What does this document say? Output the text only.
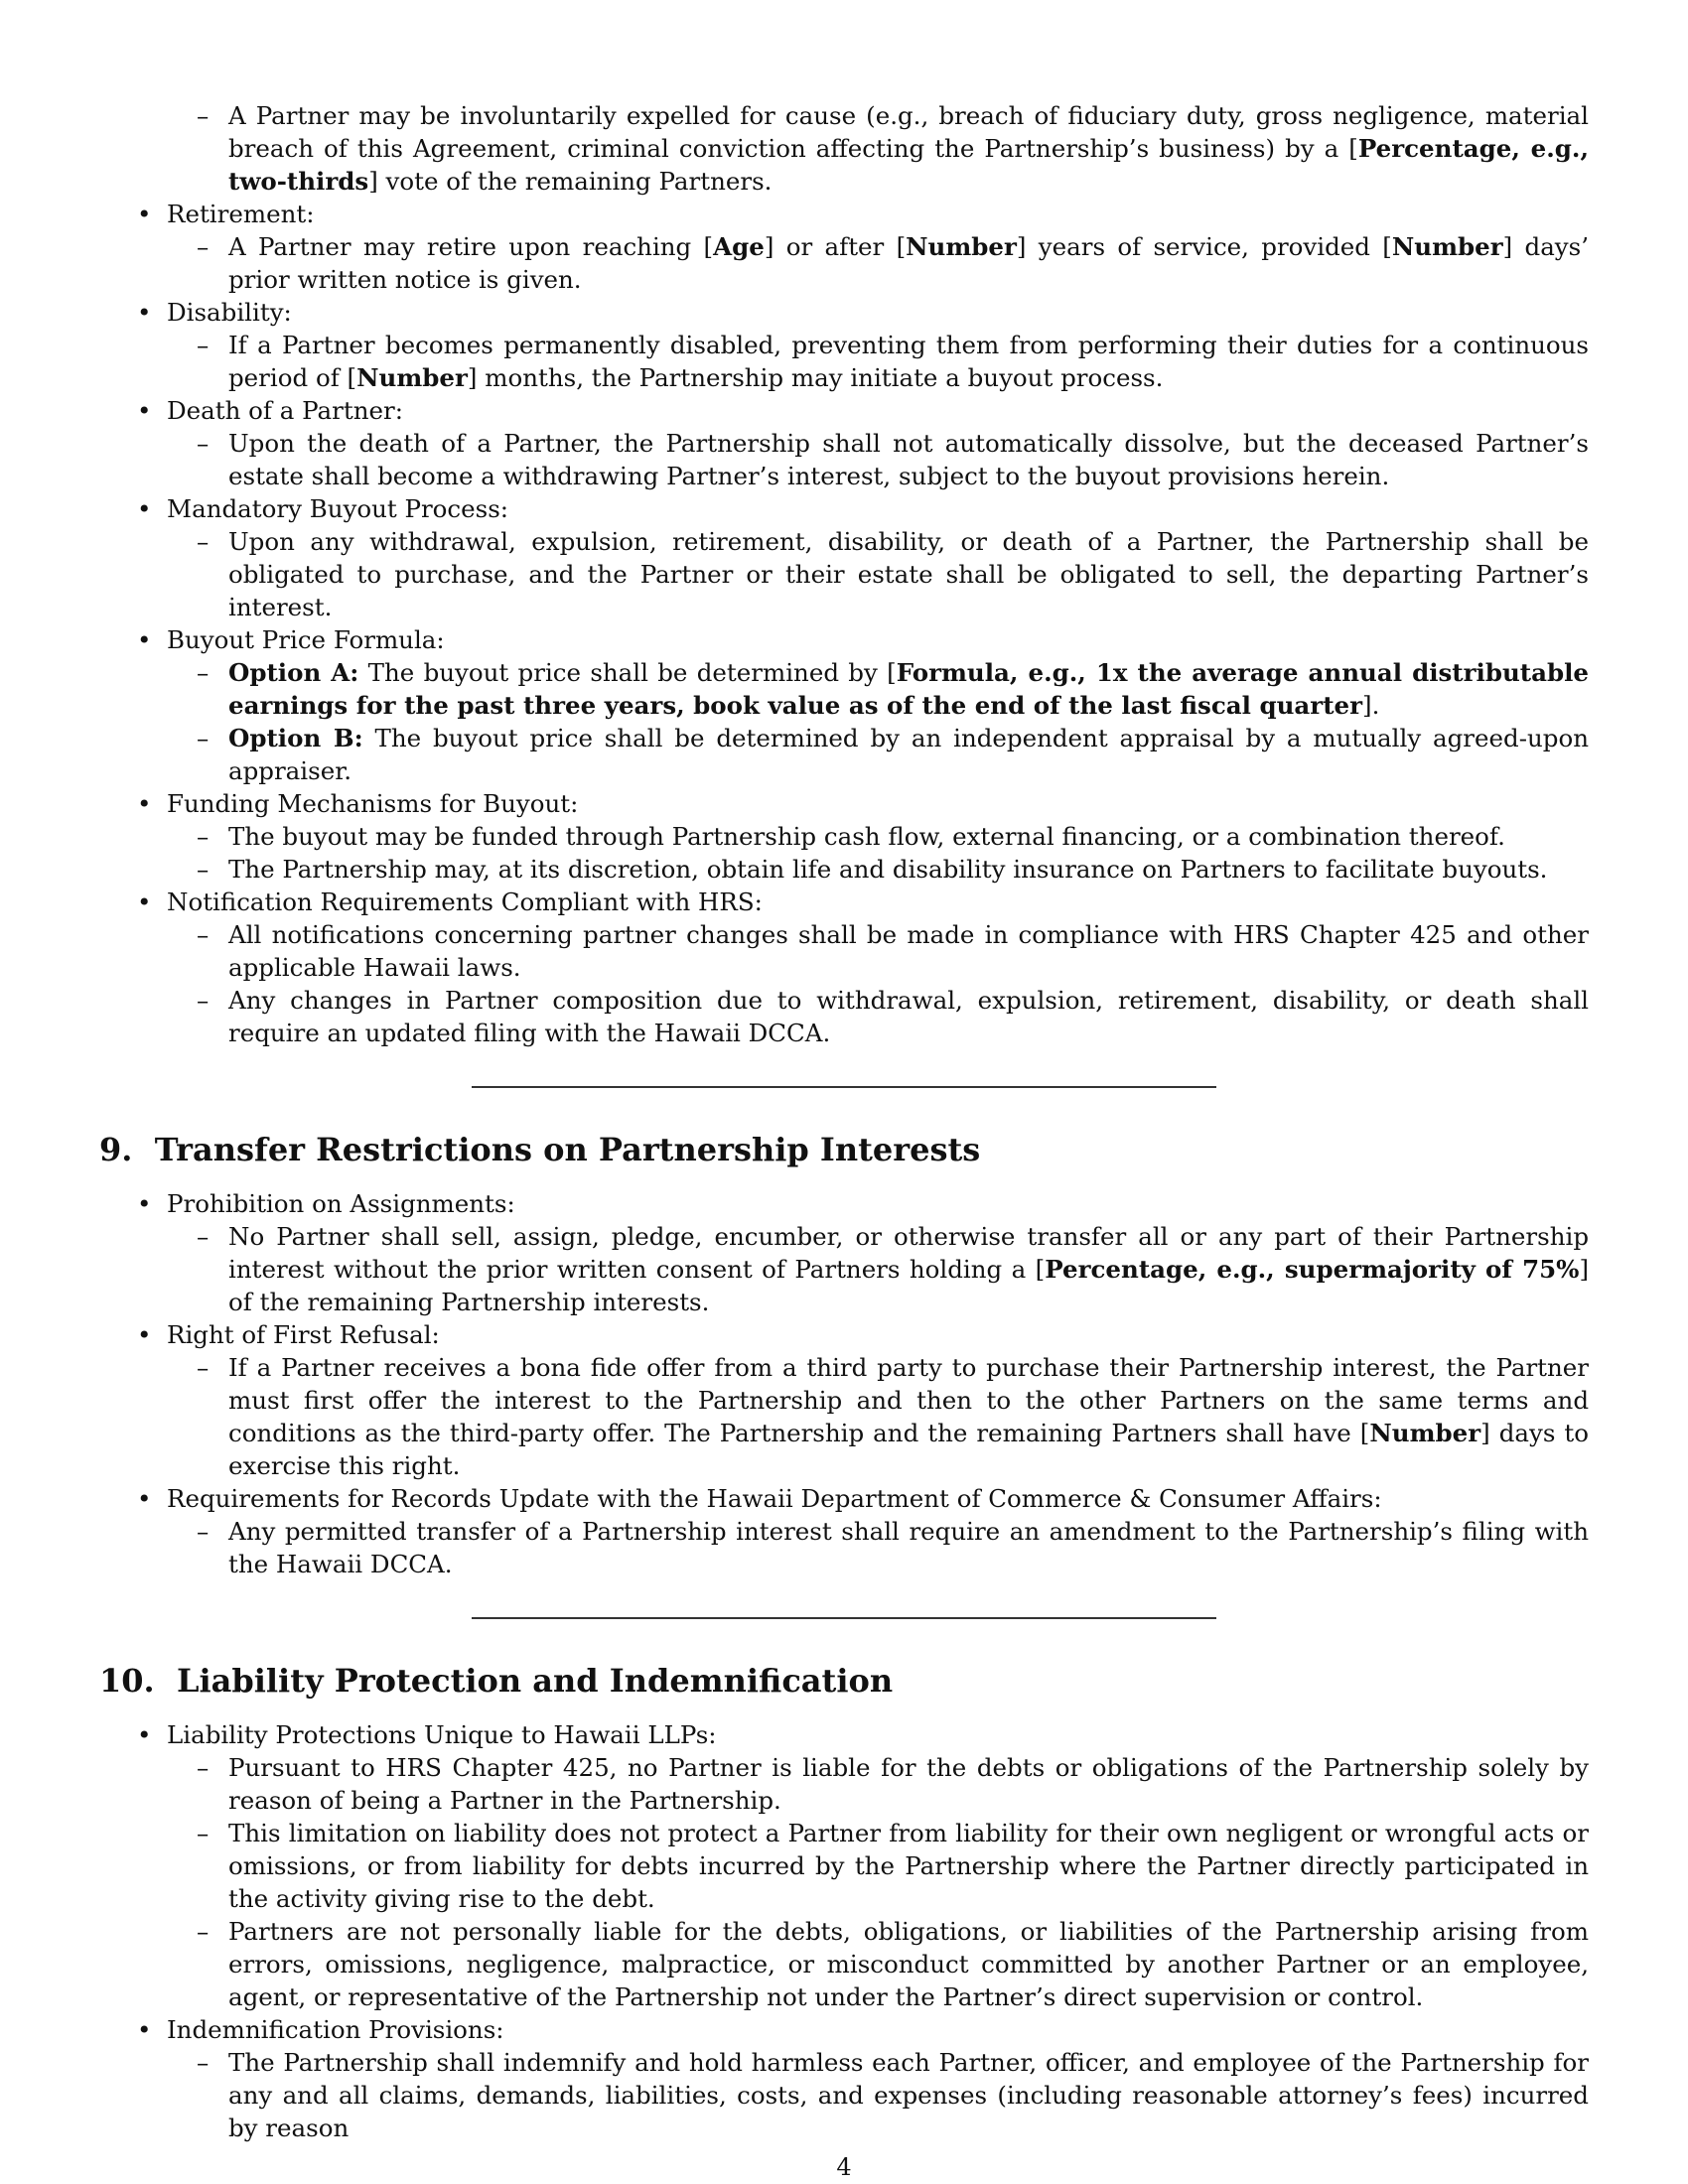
– A Partner may be involuntarily expelled for cause (e.g., breach of fiduciary duty, gross negligence, material breach of this Agreement, criminal conviction affecting the Partnership’s business) by a [Percentage, e.g., two-thirds] vote of the remaining Partners.
• Retirement:
– A Partner may retire upon reaching [Age] or after [Number] years of service, provided [Number] days’ prior written notice is given.
• Disability:
– If a Partner becomes permanently disabled, preventing them from performing their duties for a continuous period of [Number] months, the Partnership may initiate a buyout process.
• Death of a Partner:
– Upon the death of a Partner, the Partnership shall not automatically dissolve, but the deceased Partner’s estate shall become a withdrawing Partner’s interest, subject to the buyout provisions herein.
• Mandatory Buyout Process:
– Upon any withdrawal, expulsion, retirement, disability, or death of a Partner, the Partnership shall be obligated to purchase, and the Partner or their estate shall be obligated to sell, the departing Partner’s interest.
• Buyout Price Formula:
– Option A: The buyout price shall be determined by [Formula, e.g., 1x the average annual distributable earnings for the past three years, book value as of the end of the last fiscal quarter].
– Option B: The buyout price shall be determined by an independent appraisal by a mutually agreed-upon appraiser.
• Funding Mechanisms for Buyout:
– The buyout may be funded through Partnership cash flow, external financing, or a combination thereof.
– The Partnership may, at its discretion, obtain life and disability insurance on Partners to facilitate buyouts.
• Notification Requirements Compliant with HRS:
– All notifications concerning partner changes shall be made in compliance with HRS Chapter 425 and other applicable Hawaii laws.
– Any changes in Partner composition due to withdrawal, expulsion, retirement, disability, or death shall require an updated filing with the Hawaii DCCA.
9. Transfer Restrictions on Partnership Interests
• Prohibition on Assignments:
– No Partner shall sell, assign, pledge, encumber, or otherwise transfer all or any part of their Partnership interest without the prior written consent of Partners holding a [Percentage, e.g., supermajority of 75%] of the remaining Partnership interests.
• Right of First Refusal:
– If a Partner receives a bona fide offer from a third party to purchase their Partnership interest, the Partner must first offer the interest to the Partnership and then to the other Partners on the same terms and conditions as the third-party offer. The Partnership and the remaining Partners shall have [Number] days to exercise this right.
• Requirements for Records Update with the Hawaii Department of Commerce & Consumer Affairs:
– Any permitted transfer of a Partnership interest shall require an amendment to the Partnership’s filing with the Hawaii DCCA.
10. Liability Protection and Indemnification
• Liability Protections Unique to Hawaii LLPs:
– Pursuant to HRS Chapter 425, no Partner is liable for the debts or obligations of the Partnership solely by reason of being a Partner in the Partnership.
– This limitation on liability does not protect a Partner from liability for their own negligent or wrongful acts or omissions, or from liability for debts incurred by the Partnership where the Partner directly participated in the activity giving rise to the debt.
– Partners are not personally liable for the debts, obligations, or liabilities of the Partnership arising from errors, omissions, negligence, malpractice, or misconduct committed by another Partner or an employee, agent, or representative of the Partnership not under the Partner’s direct supervision or control.
• Indemnification Provisions:
– The Partnership shall indemnify and hold harmless each Partner, officer, and employee of the Partnership for any and all claims, demands, liabilities, costs, and expenses (including reasonable attorney’s fees) incurred by reason
4
